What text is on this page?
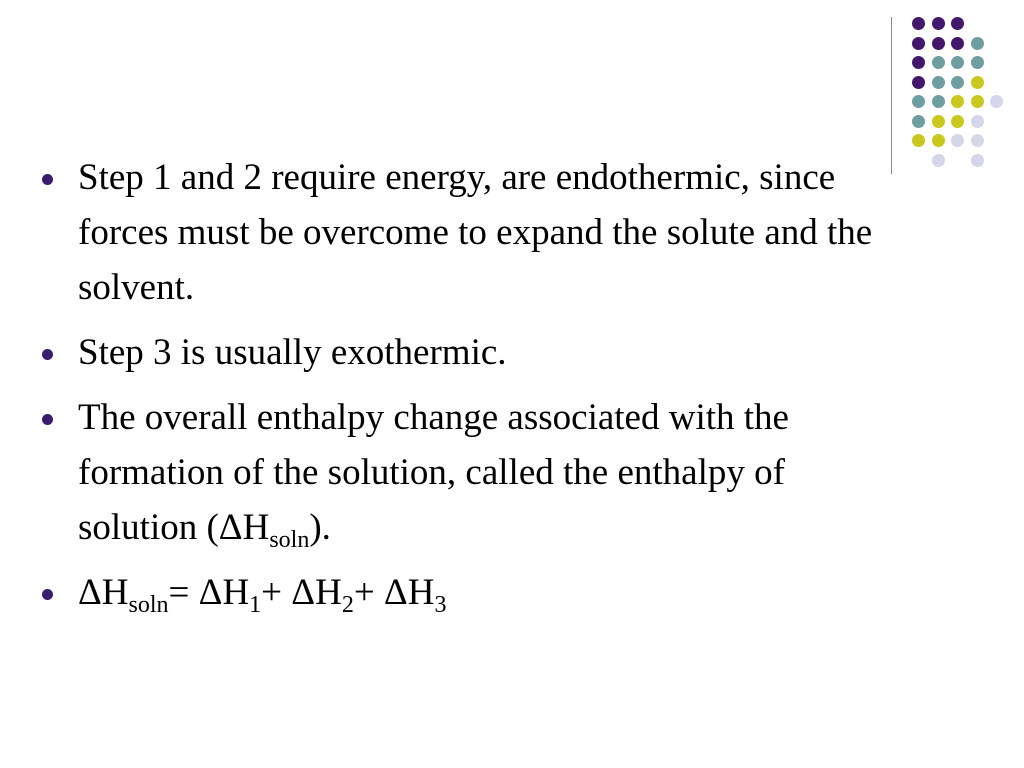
Step 1 and 2 require energy, are endothermic, since forces must be overcome to expand the solute and the solvent.
Step 3 is usually exothermic.
The overall enthalpy change associated with the formation of the solution, called the enthalpy of solution $(\Delta H_{soln})$.
$\Delta H_{soln}= \Delta H_1+ \Delta H_2+ \Delta H_3$
